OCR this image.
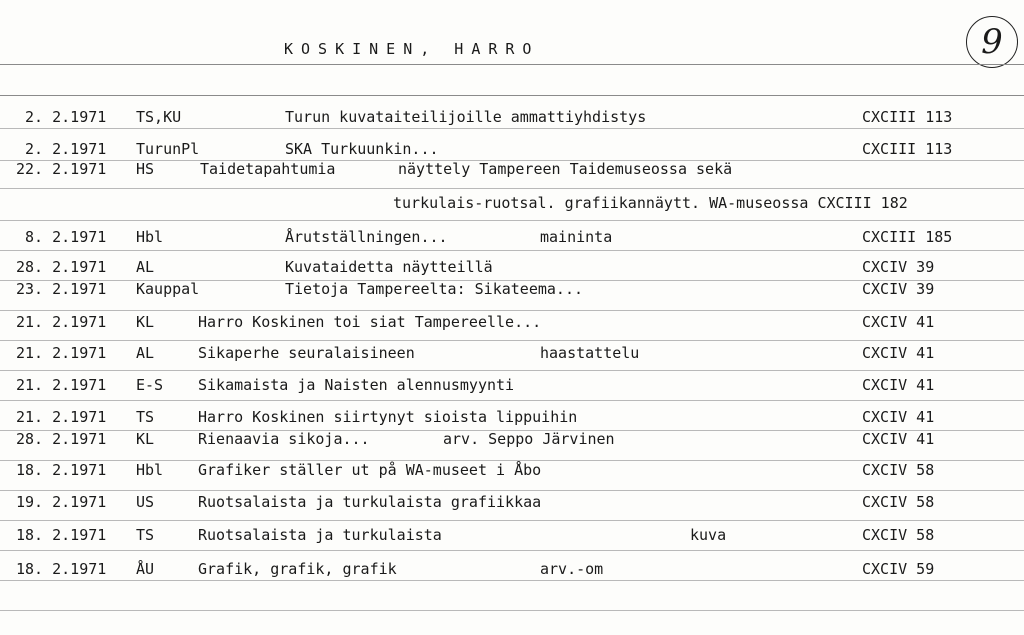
KOSKINEN, HARRO	9
2. 2.1971 TS,KU	Turun kuvataiteilijoille ammattiyhdistys	CXCIII 113
2. 2.1971 TurunPl	SKA Turkuunkin...	CXCIII 113
22. 2.1971 HS	Taidetapahtumia	näyttely Tampereen Taidemuseossa sekä
turkulais-ruotsal. grafiikannäytt. WA-museossa CXCIII 182
8. 2.1971 Hbl	Årutställningen...	maininta	CXCIII 185
28. 2.1971 AL	Kuvataidetta näytteillä	CXCIV 39
23. 2.1971 Kauppal	Tietoja Tampereelta: Sikateema...	CXCIV 39
21. 2.1971 KL	Harro Koskinen toi siat Tampereelle...	CXCIV 41
21. 2.1971 AL	Sikaperhe seuralaisineen	haastattelu	CXCIV 41
21. 2.1971 E-S Sikamaista ja Naisten alennusmyynti	CXCIV 41
21. 2.1971 TS	Harro Koskinen siirtynyt sioista lippuihin	CXCIV 41
28. 2.1971 KL	Rienaavia sikoja...	arv. Seppo Järvinen	CXCIV 41
18. 2.1971 Hbl Grafiker ställer ut på WA-museet i Åbo	CXCIV 58
19. 2.1971 US	Ruotsalaista ja turkulaista grafiikkaa	CXCIV 58
18. 2.1971 TS	Ruotsalaista ja turkulaista	kuva	CXCIV 58
18. 2.1971 ÅU	Grafik, grafik, grafik	arv.-om	CXCIV 59
